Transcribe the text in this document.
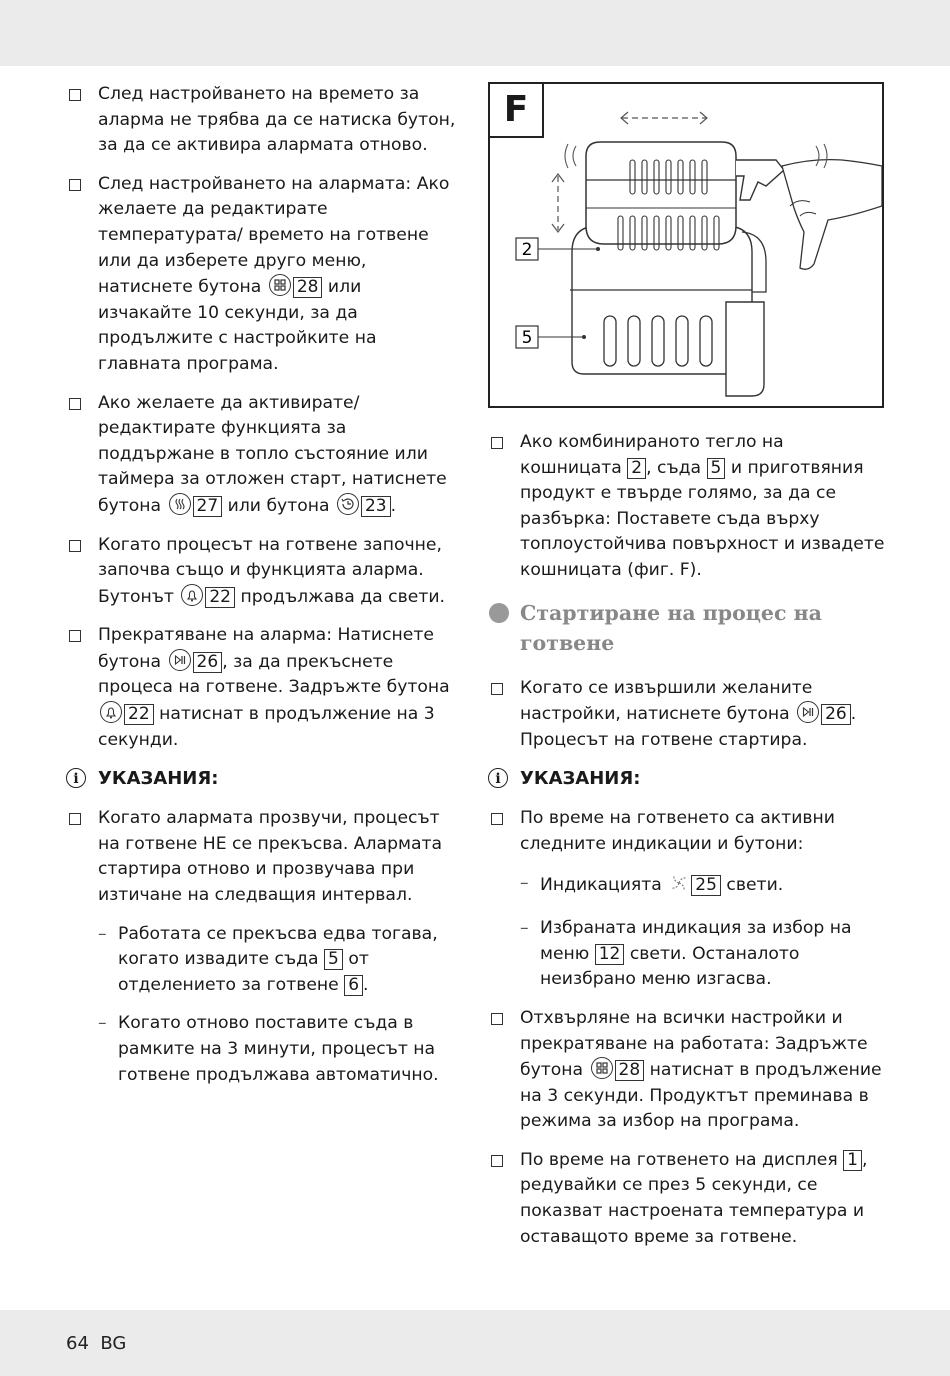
След настройването на времето за аларма не трябва да се натиска бутон, за да се активира алармата отново.
След настройването на алармата: Ако желаете да редактирате температурата/ времето на готвене или да изберете друго меню, натиснете бутона 28 или изчакайте 10 секунди, за да продължите с настройките на главната програма.
Ако желаете да активирате/редактирате функцията за поддържане в топло състояние или таймера за отложен старт, натиснете бутона 27 или бутона 23 .
Когато процесът на готвене започне, започва също и функцията аларма. Бутонът 22 продължава да свети.
Прекратяване на аларма: Натиснете бутона 26 , за да прекъснете процеса на готвене. Задръжте бутона
22 натиснат в продължение на 3 секунди.
i	УКАЗАНИЯ:
Когато алармата прозвучи, процесът на готвене НЕ се прекъсва. Алармата стартира отново и прозвучава при изтичане на следващия интервал.
– Работата се прекъсва едва тогава, когато извадите съда 5 от отделението за готвене 6 .
– Когато отново поставите съда в рамките на 3 минути, процесът на готвене продължава автоматично.
F
2
5
Ако комбинираното тегло на кошницата 2 , съда 5 и приготвяния продукт е твърде голямо, за да се разбърка: Поставете съда върху топлоустойчива повърхност и извадете кошницата (фиг. F).
Стартиране на процес на готвене
Когато се извършили желаните настройки, натиснете бутона 26 . Процесът на готвене стартира.
i	УКАЗАНИЯ:
По време на готвенето са активни следните индикации и бутони:
– Индикацията 25 свети.
– Избраната индикация за избор на меню 12 свети. Останалото неизбрано меню изгасва.
Отхвърляне на всички настройки и прекратяване на работата: Задръжте бутона 28 натиснат в продължение на 3 секунди. Продуктът преминава в режима за избор на програма.
По време на готвенето на дисплея 1 , редувайки се през 5 секунди, се показват настроената температура и оставащото време за готвене.
64 BG
